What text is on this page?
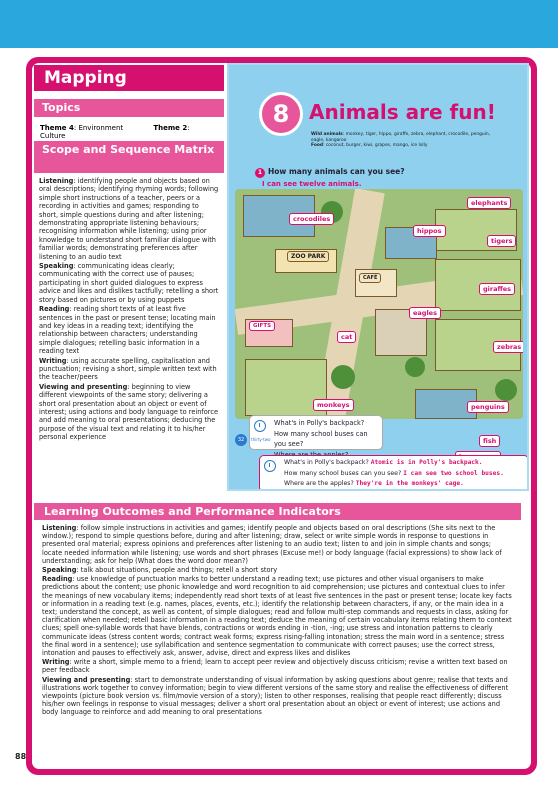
Mapping
Topics
Theme 4: Environment	Theme 2: Culture
Scope and Sequence Matrix

Listening: identifying people and objects based on oral descriptions; identifying rhyming words; following simple short instructions of a teacher, peers or a recording in activities and games; responding to short, simple questions during and after listening; demonstrating appropriate listening behaviours; recognising information while listening; using prior knowledge to understand short familiar dialogue with familiar words; demonstrating preferences after listening to an audio text

Speaking: communicating ideas clearly; communicating with the correct use of pauses; participating in short guided dialogues to express advice and likes and dislikes tactfully; retelling a short story based on pictures or by using puppets

Reading: reading short texts of at least five sentences in the past or present tense; locating main and key ideas in a reading text; identifying the relationship between characters; understanding simple dialogues; retelling basic information in a reading text

Writing: using accurate spelling, capitalisation and punctuation; revising a short, simple written text with the teacher/peers

Viewing and presenting: beginning to view different viewpoints of the same story; delivering a short oral presentation about an object or event of interest; using actions and body language to reinforce and add meaning to oral presentations; deducing the purpose of the visual text and relating it to his/her personal experience

8 Animals are fun!
Wild animals: monkey, tiger, hippo, giraffe, zebra, elephant, crocodile, penguin, eagle, kangaroo
Food: coconut, burger, kiwi, grapes, mango, ice lolly
1 How many animals can you see?
I can see twelve animals.
crocodiles
elephants
hippos
tigers
giraffes
eagles
cat
zebras
monkeys	penguins
ZOO PARK
CAFÉ
GIFTS
fish
What's in Polly's backpack?
How many school buses can you see?
32	thirty-two
What's in Polly's backpack? Atomic is in Polly's backpack.
How many school buses can you see? I can see two school buses.
Where are the apples? They're in the monkeys' cage.
Learning Outcomes and Performance Indicators

Listening: follow simple instructions in activities and games; identify people and objects based on oral descriptions (She sits next to the window.); respond to simple questions before, during and after listening; draw, select or write simple words in response to questions in presented oral material; express opinions and preferences after listening to an audio text; listen to and join in simple chants and songs; locate needed information while listening; use words and short phrases (Excuse me!) or body language (facial expressions) to show lack of understanding; ask for help (What does the word door mean?)

Speaking: talk about situations, people and things; retell a short story

Reading: use knowledge of punctuation marks to better understand a reading text; use pictures and other visual organisers to make predictions about the content; use phonic knowledge and word recognition to aid comprehension; use pictures and contextual clues to infer the meanings of new vocabulary items; independently read short texts of at least five sentences in the past or present tense; locate key facts or information in a reading text (e.g. names, places, events, etc.); identify the relationship between characters, if any, or the main idea in a text; understand the concept, as well as content, of simple dialogues; read and follow multi-step commands and requests in class, asking for clarification when needed; retell basic information in a reading text; deduce the meaning of certain vocabulary items relating them to context clues; spell one-syllable words that have blends, contractions or words ending in -tion, -ing; use stress and intonation patterns to clearly communicate ideas (stress content words; contract weak forms; express rising-falling intonation; stress the main word in a sentence; stress the final word in a sentence); use syllabification and sentence segmentation to communicate with correct pauses; use the correct stress, intonation and pauses to effectively ask, answer, advise, direct and express likes and dislikes

Writing: write a short, simple memo to a friend; learn to accept peer review and objectively discuss criticism; revise a written text based on peer feedback

Viewing and presenting: start to demonstrate understanding of visual information by asking questions about genre; realise that texts and illustrations work together to convey information; begin to view different versions of the same story and realise the effectiveness of different viewpoints (picture book version vs. film/movie version of a story); listen to other responses, realising that people react differently; discuss his/her own feelings in response to visual messages; deliver a short oral presentation about an object or event of interest; use actions and body language to reinforce and add meaning to oral presentations

88
